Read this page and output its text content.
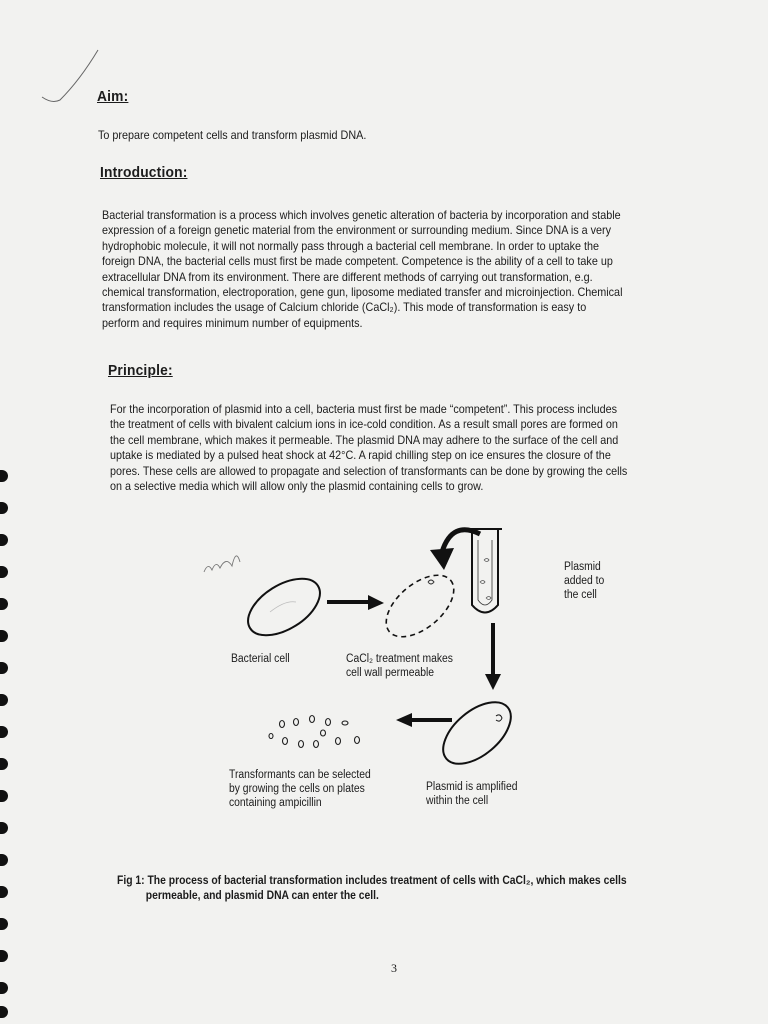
Aim:
To prepare competent cells and transform plasmid DNA.
Introduction:
Bacterial transformation is a process which involves genetic alteration of bacteria by incorporation and stable
expression of a foreign genetic material from the environment or surrounding medium. Since DNA is a very
hydrophobic molecule, it will not normally pass through a bacterial cell membrane. In order to uptake the
foreign DNA, the bacterial cells must first be made competent. Competence is the ability of a cell to take up
extracellular DNA from its environment. There are different methods of carrying out transformation, e.g.
chemical transformation, electroporation, gene gun, liposome mediated transfer and microinjection. Chemical
transformation includes the usage of Calcium chloride (CaCl₂). This mode of transformation is easy to
perform and requires minimum number of equipments.
Principle:
For the incorporation of plasmid into a cell, bacteria must first be made “competent”. This process includes
the treatment of cells with bivalent calcium ions in ice-cold condition. As a result small pores are formed on
the cell membrane, which makes it permeable. The plasmid DNA may adhere to the surface of the cell and
uptake is mediated by a pulsed heat shock at 42°C. A rapid chilling step on ice ensures the closure of the
pores. These cells are allowed to propagate and selection of transformants can be done by growing the cells
on a selective media which will allow only the plasmid containing cells to grow.
Plasmid
added to
the cell
Bacterial cell	CaCl₂ treatment makes
cell wall permeable
Transformants can be selected
by growing the cells on plates
containing ampicillin
Plasmid is amplified
within the cell
Fig 1: The process of bacterial transformation includes treatment of cells with CaCl₂, which makes cells
permeable, and plasmid DNA can enter the cell.
3
